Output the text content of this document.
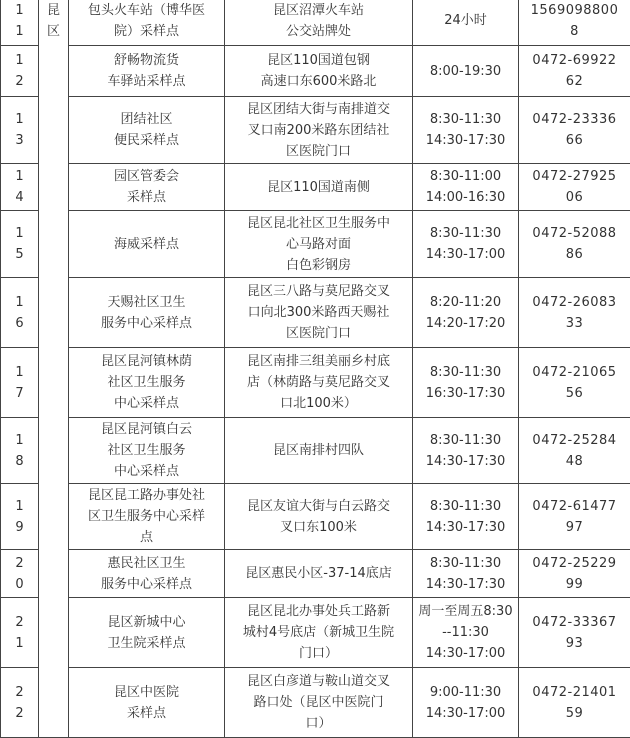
1
1	昆区	包头火车站（博华医
院）采样点	昆区沼潭火车站
公交站牌处	24小时	1569098800
8
1
2		舒畅物流货
车驿站采样点	昆区110国道包钢
高速口东600米路北	8:00-19:30	0472-69922
62
1
3		团结社区
便民采样点	昆区团结大街与南排道交
叉口南200米路东团结社
区医院门口	8:30-11:30
14:30-17:30	0472-23336
66
1
4		园区管委会
采样点	昆区110国道南侧	8:30-11:00
14:00-16:30	0472-27925
06
1
5		海威采样点	昆区昆北社区卫生服务中
心马路对面
白色彩钢房	8:30-11:30
14:30-17:00	0472-52088
86
1
6		天赐社区卫生
服务中心采样点	昆区三八路与莫尼路交叉
口向北300米路西天赐社
区医院门口	8:20-11:20
14:20-17:20	0472-26083
33
1
7		昆区昆河镇林荫
社区卫生服务
中心采样点	昆区南排三组美丽乡村底
店（林荫路与莫尼路交叉
口北100米）	8:30-11:30
16:30-17:30	0472-21065
56
1
8		昆区昆河镇白云
社区卫生服务
中心采样点	昆区南排村四队	8:30-11:30
14:30-17:30	0472-25284
48
1
9		昆区昆工路办事处社
区卫生服务中心采样
点	昆区友谊大街与白云路交
叉口东100米	8:30-11:30
14:30-17:30	0472-61477
97
2
0		惠民社区卫生
服务中心采样点	昆区惠民小区-37-14底店	8:30-11:30
14:30-17:30	0472-25229
99
2
1		昆区新城中心
卫生院采样点	昆区昆北办事处兵工路新
城村4号底店（新城卫生院
门口）	周一至周五8:30
--11:30
14:30-17:00	0472-33367
93
2
2		昆区中医院
采样点	昆区白彦道与鞍山道交叉
路口处（昆区中医院门
口）	9:00-11:30
14:30-17:00	0472-21401
59
